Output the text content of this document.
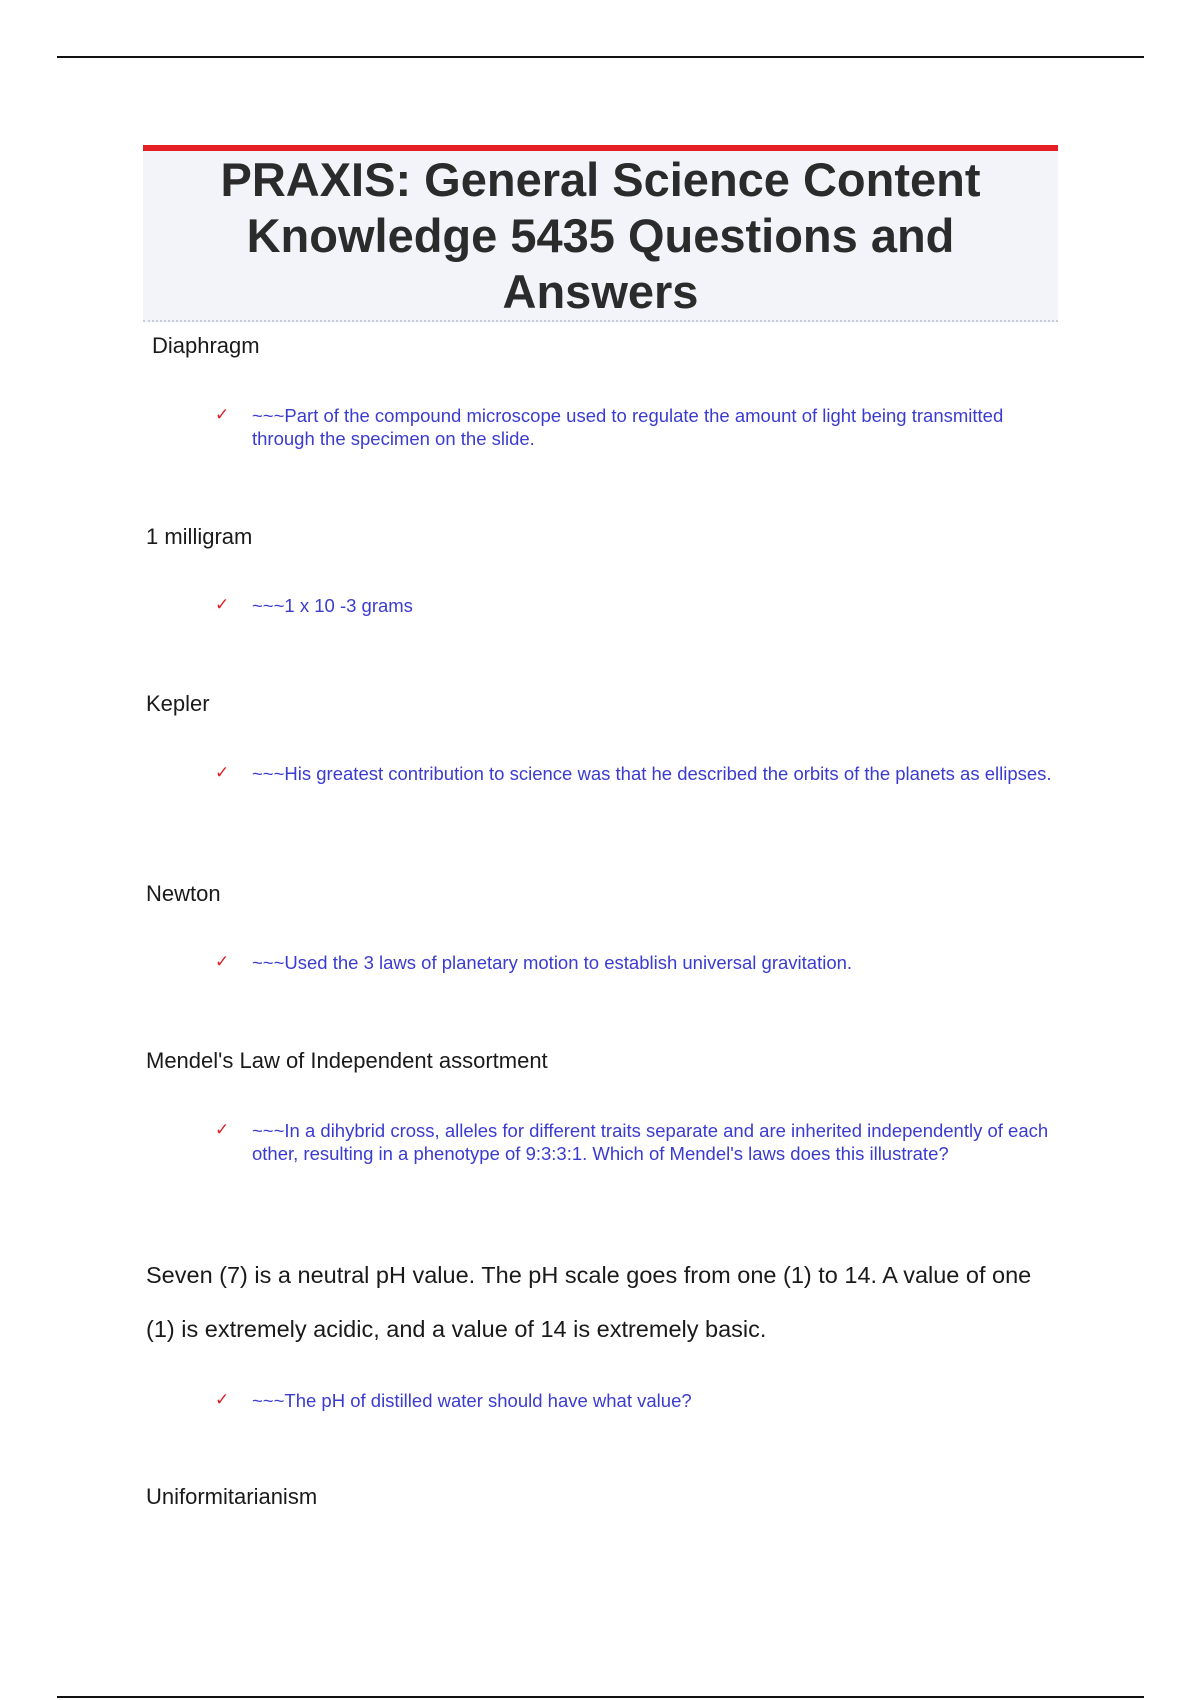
PRAXIS: General Science Content Knowledge 5435 Questions and Answers
Diaphragm
✓ ~~~Part of the compound microscope used to regulate the amount of light being transmitted through the specimen on the slide.
1 milligram
✓ ~~~1 x 10 -3 grams
Kepler
✓ ~~~His greatest contribution to science was that he described the orbits of the planets as ellipses.
Newton
✓ ~~~Used the 3 laws of planetary motion to establish universal gravitation.
Mendel's Law of Independent assortment
✓ ~~~In a dihybrid cross, alleles for different traits separate and are inherited independently of each other, resulting in a phenotype of 9:3:3:1. Which of Mendel's laws does this illustrate?
Seven (7) is a neutral pH value. The pH scale goes from one (1) to 14. A value of one (1) is extremely acidic, and a value of 14 is extremely basic.
✓ ~~~The pH of distilled water should have what value?
Uniformitarianism
